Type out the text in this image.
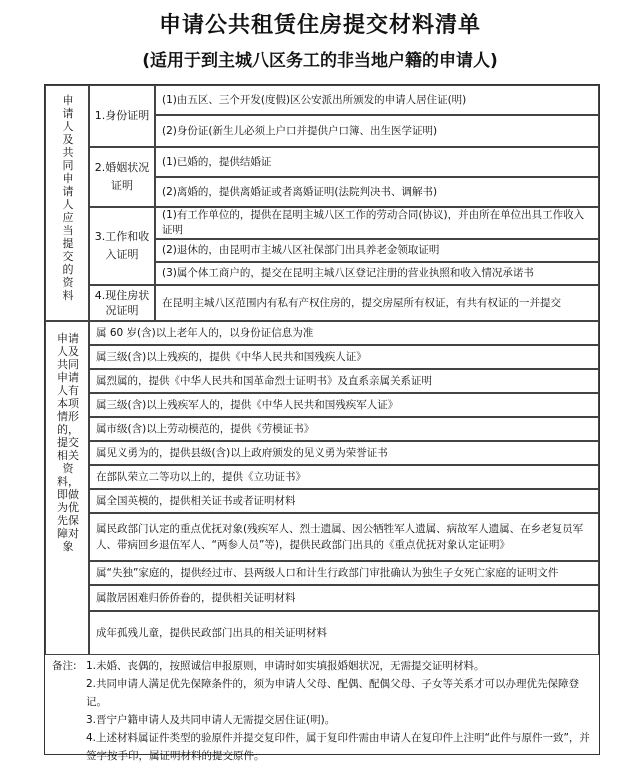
申请公共租赁住房提交材料清单
(适用于到主城八区务工的非当地户籍的申请人)
申请人及共同申请人应当提交的资料
1.身份证明
(1)由五区、三个开发(度假)区公安派出所颁发的申请人居住证(明)
(2)身份证(新生儿必须上户口并提供户口簿、出生医学证明)
2.婚姻状况证明
(1)已婚的，提供结婚证
(2)离婚的，提供离婚证或者离婚证明(法院判决书、调解书)
3.工作和收入证明
(1)有工作单位的，提供在昆明主城八区工作的劳动合同(协议)，并由所在单位出具工作收入证明
(2)退休的，由昆明市主城八区社保部门出具养老金领取证明
(3)属个体工商户的，提交在昆明主城八区登记注册的营业执照和收入情况承诺书
4.现住房状况证明
在昆明主城八区范围内有私有产权住房的，提交房屋所有权证，有共有权证的一并提交
申请人及共同申请人有本项情形的，提交相关资料，即做为优先保障对象
属 60 岁(含)以上老年人的，以身份证信息为准
属三级(含)以上残疾的，提供《中华人民共和国残疾人证》
属烈属的，提供《中华人民共和国革命烈士证明书》及直系亲属关系证明
属三级(含)以上残疾军人的，提供《中华人民共和国残疾军人证》
属市级(含)以上劳动模范的，提供《劳模证书》
属见义勇为的，提供县级(含)以上政府颁发的见义勇为荣誉证书
在部队荣立二等功以上的，提供《立功证书》
属全国英模的，提供相关证书或者证明材料
属民政部门认定的重点优抚对象(残疾军人、烈士遗属、因公牺牲军人遗属、病故军人遗属、在乡老复员军人、带病回乡退伍军人、“两参人员”等)，提供民政部门出具的《重点优抚对象认定证明》
属“失独”家庭的，提供经过市、县两级人口和计生行政部门审批确认为独生子女死亡家庭的证明文件
属散居困难归侨侨眷的，提供相关证明材料
成年孤残儿童，提供民政部门出具的相关证明材料
备注: 1.未婚、丧偶的，按照诚信申报原则，申请时如实填报婚姻状况，无需提交证明材料。
2.共同申请人满足优先保障条件的，须为申请人父母、配偶、配偶父母、子女等关系才可以办理优先保障登记。
3.晋宁户籍申请人及共同申请人无需提交居住证(明)。
4.上述材料属证件类型的验原件并提交复印件，属于复印件需由申请人在复印件上注明“此件与原件一致”，并签字按手印，属证明材料的提交原件。
